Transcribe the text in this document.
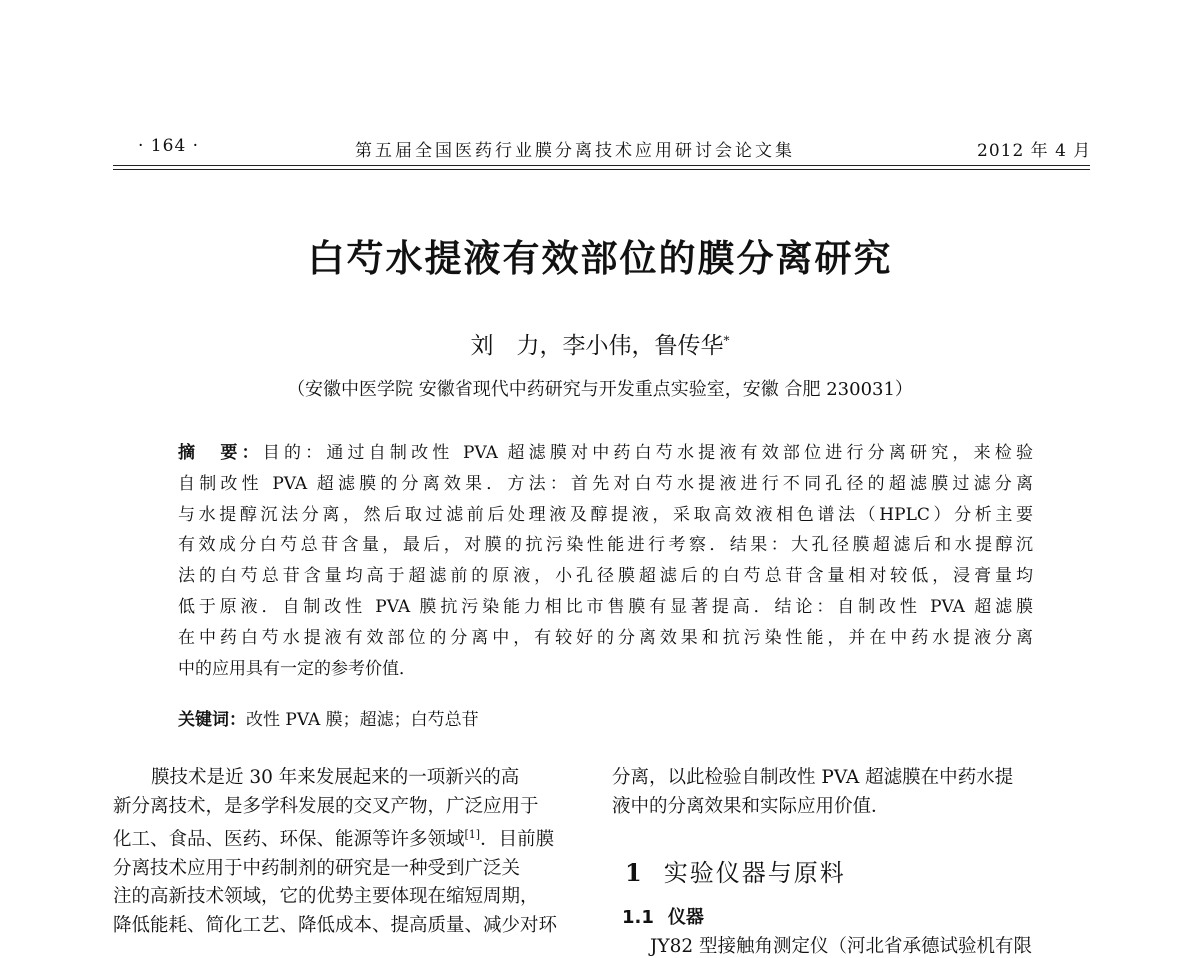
· 164 ·	第五届全国医药行业膜分离技术应用研讨会论文集	2012 年 4 月
白芍水提液有效部位的膜分离研究
刘　力，李小伟，鲁传华*
（安徽中医学院 安徽省现代中药研究与开发重点实验室，安徽 合肥 230031）
摘　要：目的：通过自制改性 PVA 超滤膜对中药白芍水提液有效部位进行分离研究，来检验
自制改性 PVA 超滤膜的分离效果．方法：首先对白芍水提液进行不同孔径的超滤膜过滤分离
与水提醇沉法分离，然后取过滤前后处理液及醇提液，采取高效液相色谱法（HPLC）分析主要
有效成分白芍总苷含量，最后，对膜的抗污染性能进行考察．结果：大孔径膜超滤后和水提醇沉
法的白芍总苷含量均高于超滤前的原液，小孔径膜超滤后的白芍总苷含量相对较低，浸膏量均
低于原液．自制改性 PVA 膜抗污染能力相比市售膜有显著提高．结论：自制改性 PVA 超滤膜
在中药白芍水提液有效部位的分离中，有较好的分离效果和抗污染性能，并在中药水提液分离
中的应用具有一定的参考价值．
关键词：改性 PVA 膜；超滤；白芍总苷
膜技术是近 30 年来发展起来的一项新兴的高
新分离技术，是多学科发展的交叉产物，广泛应用于
化工、食品、医药、环保、能源等许多领域[1]．目前膜
分离技术应用于中药制剂的研究是一种受到广泛关
注的高新技术领域，它的优势主要体现在缩短周期，
降低能耗、简化工艺、降低成本、提高质量、减少对环
分离，以此检验自制改性 PVA 超滤膜在中药水提
液中的分离效果和实际应用价值．
1 实验仪器与原料
1.1 仪器
JY82 型接触角测定仪（河北省承德试验机有限
